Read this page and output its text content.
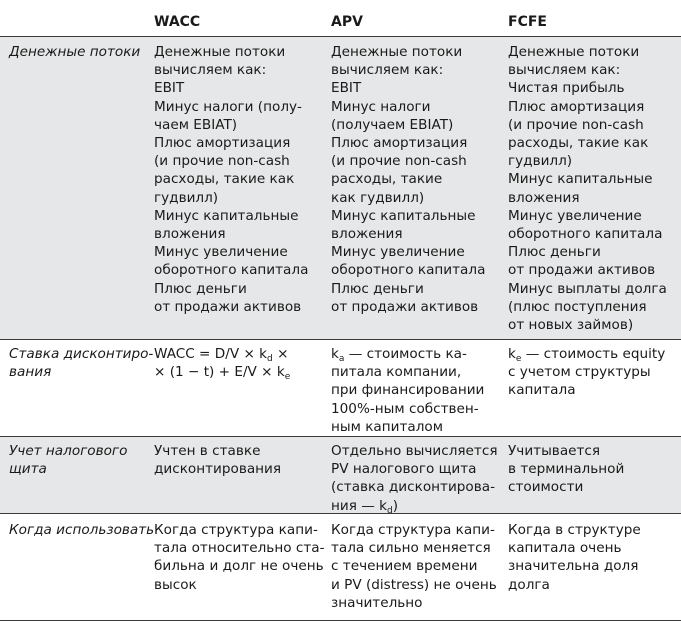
WACC	APV	FCFE
Денежные потоки Денежные потоки
вычисляем как:
EBIT
Минус налоги (полу-
чаем EBIAT)
Плюс амортизация
(и прочие non-cash
расходы, такие как
гудвилл)
Минус капитальные
вложения
Минус увеличение
оборотного капитала
Плюс деньги
от продажи активов
Денежные потоки
вычисляем как:
EBIT
Минус налоги
(получаем EBIAT)
Плюс амортизация
(и прочие non-cash
расходы, такие
как гудвилл)
Минус капитальные
вложения
Минус увеличение
оборотного капитала
Плюс деньги
от продажи активов
Денежные потоки
вычисляем как:
Чистая прибыль
Плюс амортизация
(и прочие non-cash
расходы, такие как
гудвилл)
Минус капитальные
вложения
Минус увеличение
оборотного капитала
Плюс деньги
от продажи активов
Минус выплаты долга
(плюс поступления
от новых займов)
Ставка дисконтиро-
вания
WACC = $D/V \times k_d$ ×
× $(1 - t) + E/V \times k_e$
$k_a$ — стоимость ка-
питала компании,
при финансировании
100%-ным собствен-
ным капиталом
$k_e$ — стоимость equity
с учетом структуры
капитала
Учет налогового
щита
Учтен в ставке
дисконтирования
Отдельно вычисляется
PV налогового щита
(ставка дисконтирова-
ния — $k_d$)
Учитывается
в терминальной
стоимости
Когда использовать Когда структура капи-
тала относительно ста-
бильна и долг не очень
высок
Когда структура капи-
тала сильно меняется
с течением времени
и PV (distress) не очень
значительно
Когда в структуре
капитала очень
значительна доля
долга
